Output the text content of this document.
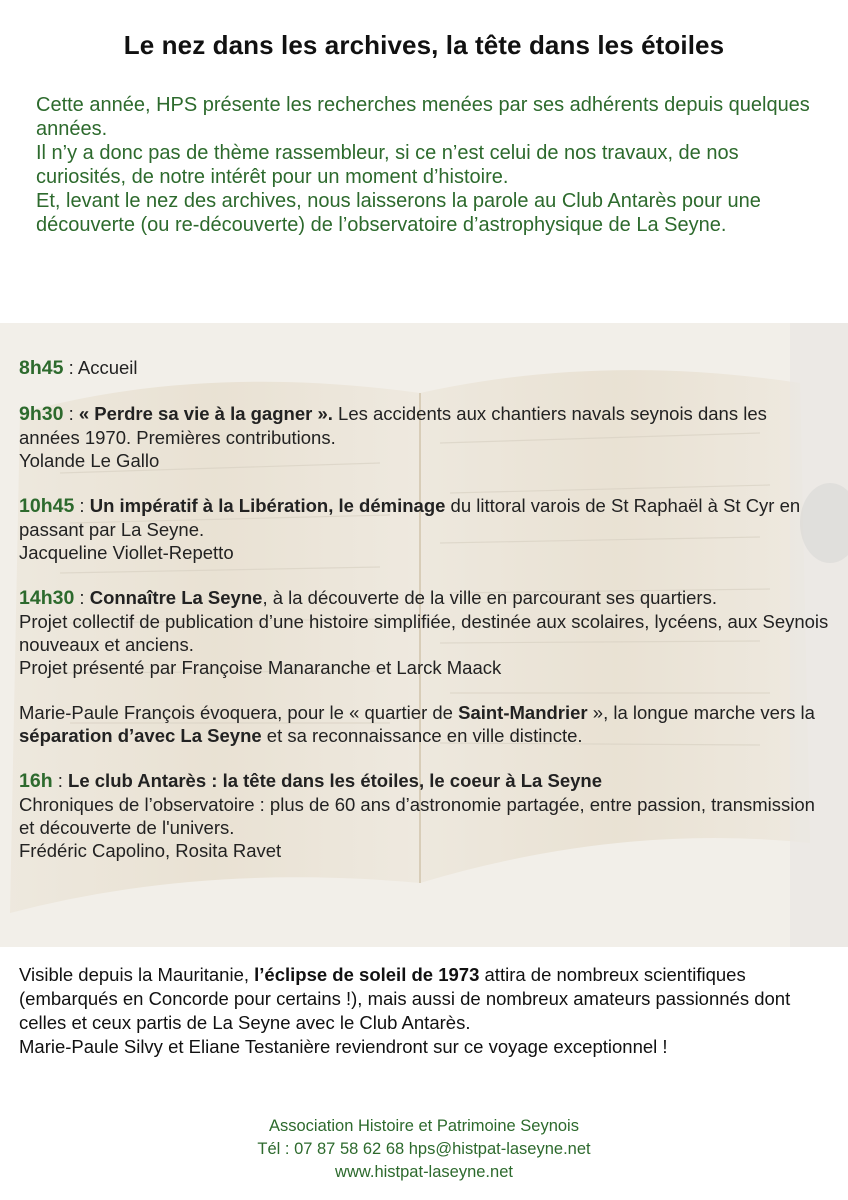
Le nez dans les archives, la tête dans les étoiles

Cette année, HPS présente les recherches menées par ses adhérents depuis quelques années.

Il n’y a donc pas de thème rassembleur, si ce n’est celui de nos travaux, de nos curiosités, de notre intérêt pour un moment d’histoire.

Et, levant le nez des archives, nous laisserons la parole au Club Antarès pour une découverte (ou re-découverte) de l’observatoire d’astrophysique de La Seyne.

8h45 : Accueil

9h30 : « Perdre sa vie à la gagner ». Les accidents aux chantiers navals seynois dans les années 1970. Premières contributions.

Yolande Le Gallo

10h45 : Un impératif à la Libération, le déminage du littoral varois de St Raphaël à St Cyr en passant par La Seyne.

Jacqueline Viollet-Repetto

14h30 : Connaître La Seyne, à la découverte de la ville en parcourant ses quartiers.

Projet collectif de publication d’une histoire simplifiée, destinée aux scolaires, lycéens, aux Seynois nouveaux et anciens.

Projet présenté par Françoise Manaranche et Larck Maack

Marie-Paule François évoquera, pour le « quartier de Saint-Mandrier », la longue marche vers la séparation d’avec La Seyne et sa reconnaissance en ville distincte.

16h : Le club Antarès : la tête dans les étoiles, le coeur à La Seyne

Chroniques de l’observatoire : plus de 60 ans d’astronomie partagée, entre passion, transmission et découverte de l'univers.

Frédéric Capolino, Rosita Ravet

Visible depuis la Mauritanie, l’éclipse de soleil de 1973 attira de nombreux scientifiques (embarqués en Concorde pour certains !), mais aussi de nombreux amateurs passionnés dont celles et ceux partis de La Seyne avec le Club Antarès.

Marie-Paule Silvy et Eliane Testanière reviendront sur ce voyage exceptionnel !

Association Histoire et Patrimoine Seynois
Tél : 07 87 58 62 68 hps@histpat-laseyne.net
www.histpat-laseyne.net
